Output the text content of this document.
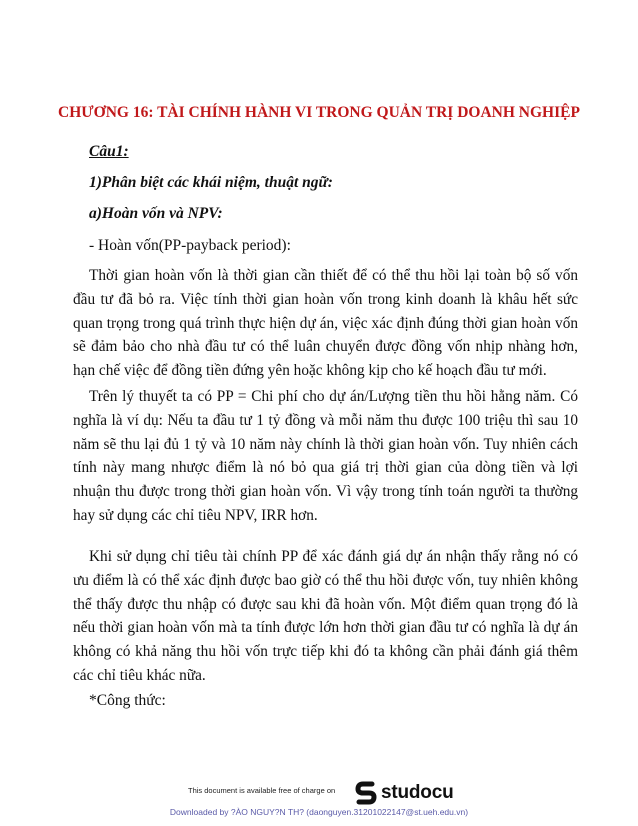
CHƯƠNG 16: TÀI CHÍNH HÀNH VI TRONG QUẢN TRỊ DOANH NGHIỆP
Câu1:
1)Phân biệt các khái niệm, thuật ngữ:
a)Hoàn vốn và NPV:
- Hoàn vốn(PP-payback period):

Thời gian hoàn vốn là thời gian cần thiết để có thể thu hồi lại toàn bộ số vốn đầu tư đã bỏ ra. Việc tính thời gian hoàn vốn trong kinh doanh là khâu hết sức quan trọng trong quá trình thực hiện dự án, việc xác định đúng thời gian hoàn vốn sẽ đảm bảo cho nhà đầu tư có thể luân chuyển được đồng vốn nhịp nhàng hơn, hạn chế việc để đồng tiền đứng yên hoặc không kịp cho kế hoạch đầu tư mới.

Trên lý thuyết ta có PP = Chi phí cho dự án/Lượng tiền thu hồi hằng năm. Có nghĩa là ví dụ: Nếu ta đầu tư 1 tỷ đồng và mỗi năm thu được 100 triệu thì sau 10 năm sẽ thu lại đủ 1 tỷ và 10 năm này chính là thời gian hoàn vốn. Tuy nhiên cách tính này mang nhược điểm là nó bỏ qua giá trị thời gian của dòng tiền và lợi nhuận thu được trong thời gian hoàn vốn. Vì vậy trong tính toán người ta thường hay sử dụng các chỉ tiêu NPV, IRR hơn.

Khi sử dụng chỉ tiêu tài chính PP để xác đánh giá dự án nhận thấy rằng nó có ưu điểm là có thể xác định được bao giờ có thể thu hồi được vốn, tuy nhiên không thể thấy được thu nhập có được sau khi đã hoàn vốn. Một điểm quan trọng đó là nếu thời gian hoàn vốn mà ta tính được lớn hơn thời gian đầu tư có nghĩa là dự án không có khả năng thu hồi vốn trực tiếp khi đó ta không cần phải đánh giá thêm các chỉ tiêu khác nữa.

*Công thức:
This document is available free of charge on studocu
Downloaded by ?ÀO NGUY?N TH? (daonguyen.31201022147@st.ueh.edu.vn)
